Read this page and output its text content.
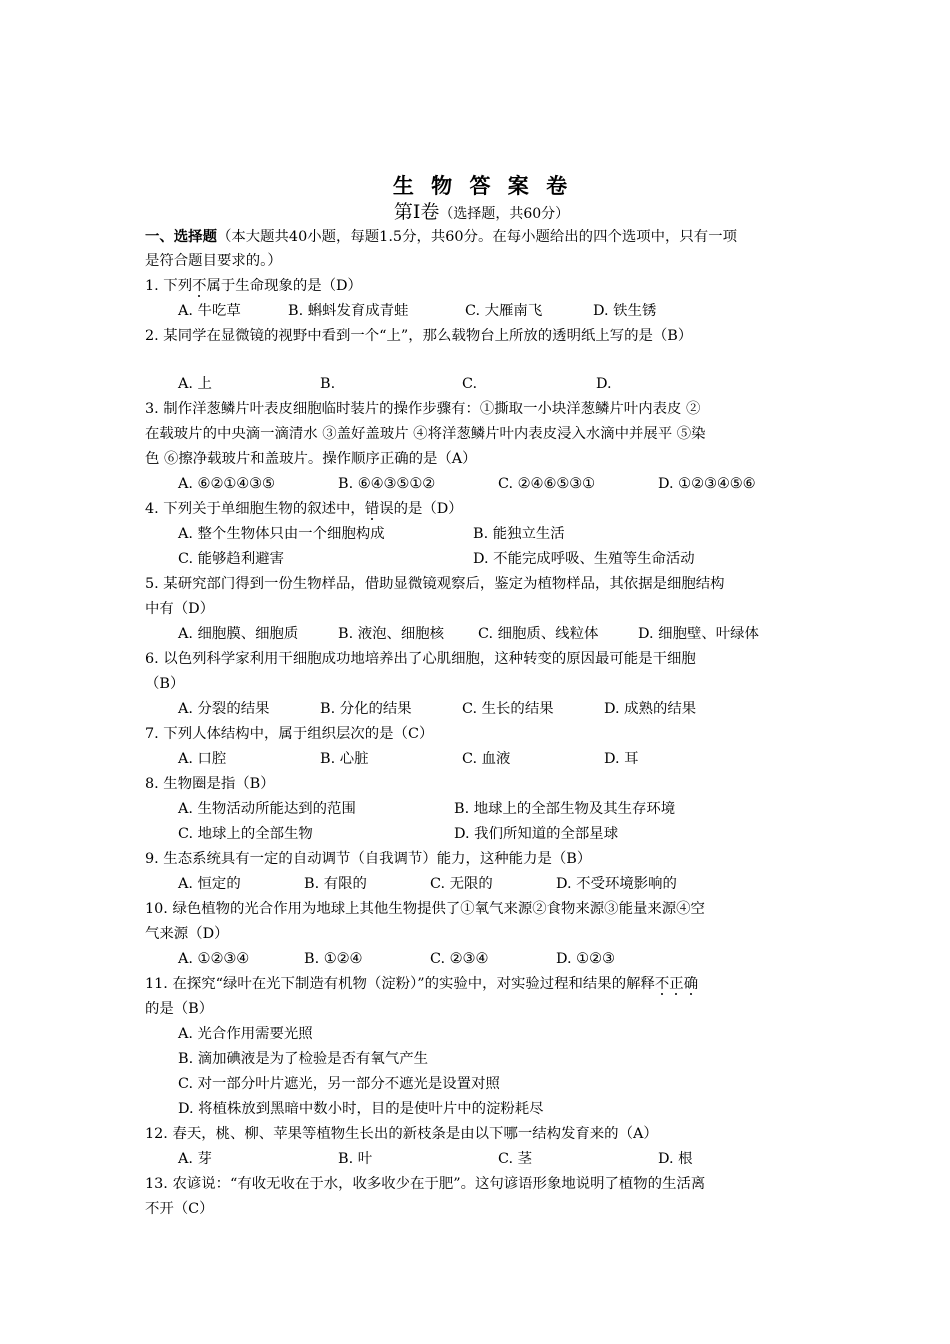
生 物 答 案 卷
第Ⅰ卷（选择题，共60分）
一、选择题（本大题共40小题，每题1.5分，共60分。在每小题给出的四个选项中，只有一项
是符合题目要求的。）
1. 下列不属于生命现象的是（D）
A. 牛吃草	B. 蝌蚪发育成青蛙	C. 大雁南飞	D. 铁生锈
2. 某同学在显微镜的视野中看到一个“上”，那么载物台上所放的透明纸上写的是（B）
A. 上	B.	C.	D.
3. 制作洋葱鳞片叶表皮细胞临时装片的操作步骤有：①撕取一小块洋葱鳞片叶内表皮 ②
在载玻片的中央滴一滴清水 ③盖好盖玻片 ④将洋葱鳞片叶内表皮浸入水滴中并展平 ⑤染
色 ⑥擦净载玻片和盖玻片。操作顺序正确的是（A）
A. ⑥②①④③⑤	B. ⑥④③⑤①②	C. ②④⑥⑤③①	D. ①②③④⑤⑥
4. 下列关于单细胞生物的叙述中，错误的是（D）
A. 整个生物体只由一个细胞构成	B. 能独立生活
C. 能够趋利避害	D. 不能完成呼吸、生殖等生命活动
5. 某研究部门得到一份生物样品，借助显微镜观察后，鉴定为植物样品，其依据是细胞结构
中有（D）
A. 细胞膜、细胞质	B. 液泡、细胞核	C. 细胞质、线粒体	D. 细胞壁、叶绿体
6. 以色列科学家利用干细胞成功地培养出了心肌细胞，这种转变的原因最可能是干细胞
（B）
A. 分裂的结果	B. 分化的结果	C. 生长的结果	D. 成熟的结果
7. 下列人体结构中，属于组织层次的是（C）
A. 口腔	B. 心脏	C. 血液	D. 耳
8. 生物圈是指（B）
A. 生物活动所能达到的范围	B. 地球上的全部生物及其生存环境
C. 地球上的全部生物	D. 我们所知道的全部星球
9. 生态系统具有一定的自动调节（自我调节）能力，这种能力是（B）
A. 恒定的	B. 有限的	C. 无限的	D. 不受环境影响的
10. 绿色植物的光合作用为地球上其他生物提供了①氧气来源②食物来源③能量来源④空
气来源（D）
A. ①②③④	B. ①②④	C. ②③④	D. ①②③
11. 在探究“绿叶在光下制造有机物（淀粉）”的实验中，对实验过程和结果的解释不正确
的是（B）
A. 光合作用需要光照
B. 滴加碘液是为了检验是否有氧气产生
C. 对一部分叶片遮光，另一部分不遮光是设置对照
D. 将植株放到黑暗中数小时，目的是使叶片中的淀粉耗尽
12. 春天，桃、柳、苹果等植物生长出的新枝条是由以下哪一结构发育来的（A）
A. 芽	B. 叶	C. 茎	D. 根
13. 农谚说：“有收无收在于水，收多收少在于肥”。这句谚语形象地说明了植物的生活离
不开（C）
